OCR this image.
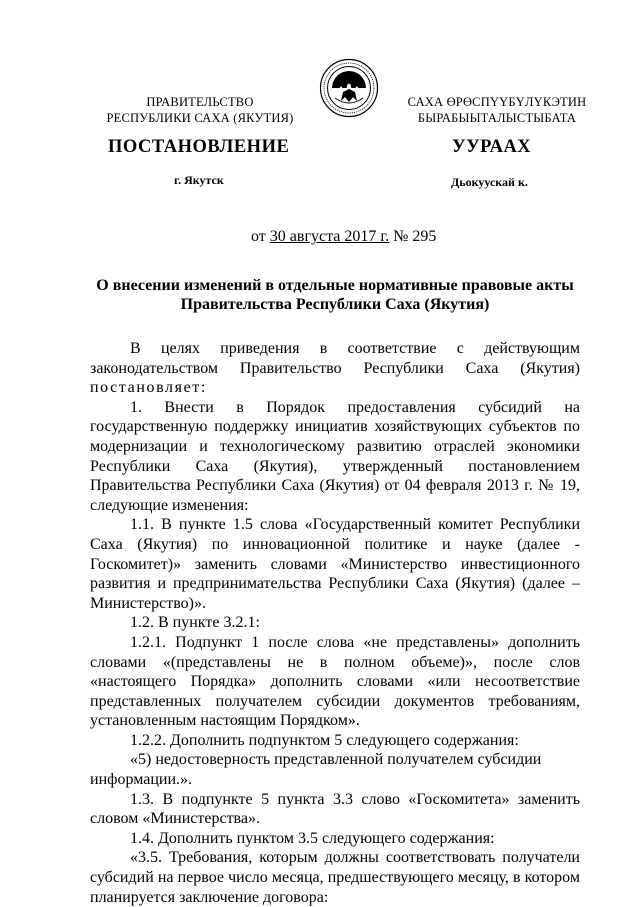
ПРАВИТЕЛЬСТВО
РЕСПУБЛИКИ САХА (ЯКУТИЯ)
САХА ӨРӨСПҮҮБҮЛҮКЭТИН
БЫРАБЫЫТАЛЫСТЫБАТА
ПОСТАНОВЛЕНИЕ	УУРААХ
г. Якутск	Дьокуускай к.
от 30 августа 2017 г. № 295
О внесении изменений в отдельные нормативные правовые акты
Правительства Республики Саха (Якутия)

В целях приведения в соответствие с действующим законодательством Правительство Республики Саха (Якутия) постановляет:

1. Внести в Порядок предоставления субсидий на государственную поддержку инициатив хозяйствующих субъектов по модернизации и технологическому развитию отраслей экономики Республики Саха (Якутия), утвержденный постановлением Правительства Республики Саха (Якутия) от 04 февраля 2013 г. № 19, следующие изменения:

1.1. В пункте 1.5 слова «Государственный комитет Республики Саха (Якутия) по инновационной политике и науке (далее - Госкомитет)» заменить словами «Министерство инвестиционного развития и предпринимательства Республики Саха (Якутия) (далее – Министерство)».

1.2. В пункте 3.2.1:

1.2.1. Подпункт 1 после слова «не представлены» дополнить словами «(представлены не в полном объеме)», после слов «настоящего Порядка» дополнить словами «или несоответствие представленных получателем субсидии документов требованиям, установленным настоящим Порядком».

1.2.2. Дополнить подпунктом 5 следующего содержания:

«5) недостоверность представленной получателем субсидии

информации.».

1.3. В подпункте 5 пункта 3.3 слово «Госкомитета» заменить словом «Министерства».

1.4. Дополнить пунктом 3.5 следующего содержания:

«3.5. Требования, которым должны соответствовать получатели субсидий на первое число месяца, предшествующего месяцу, в котором планируется заключение договора:
